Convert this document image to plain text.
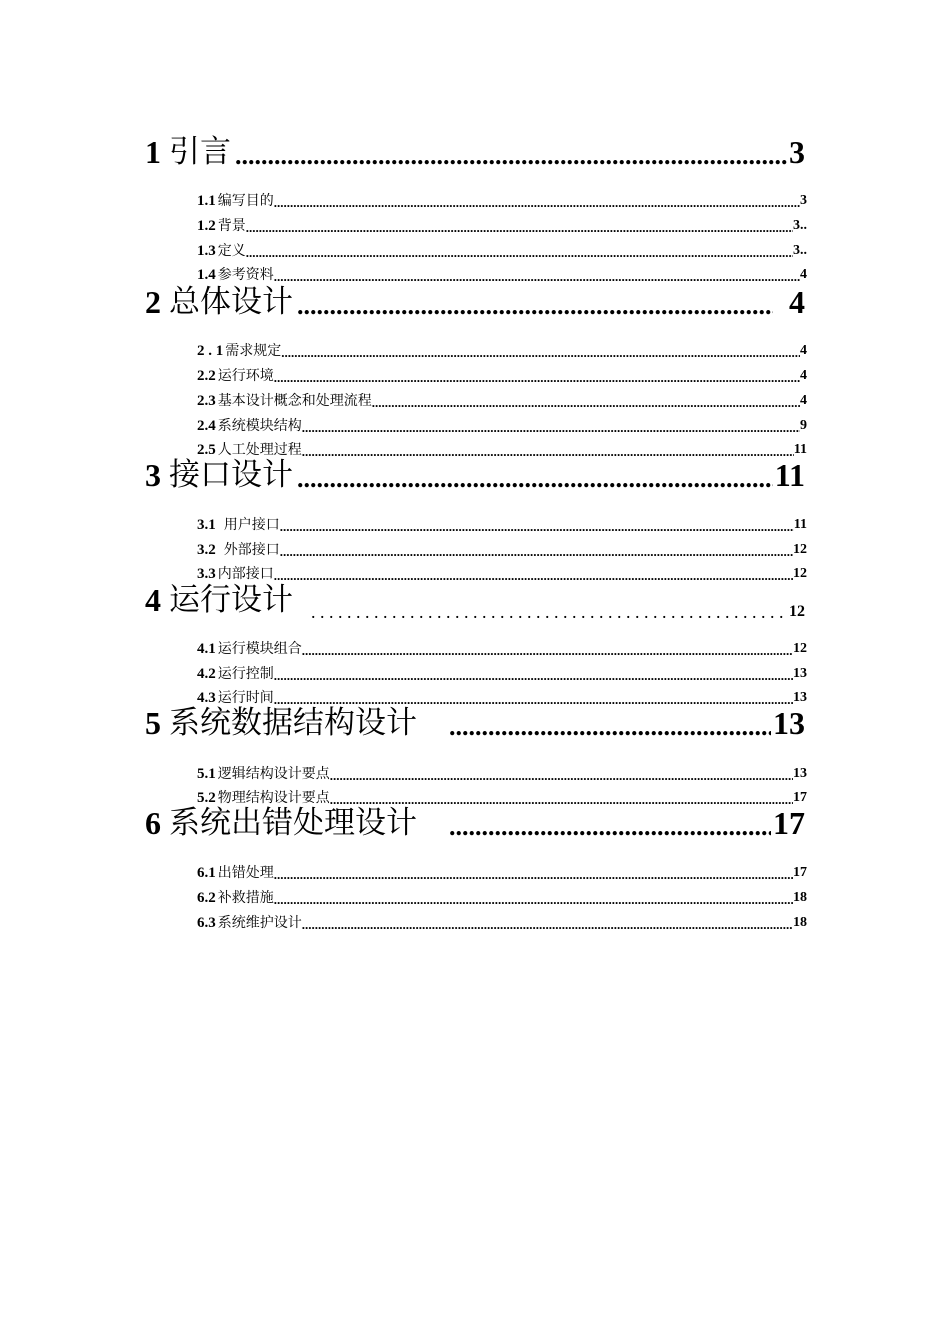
1 引言 .....	3
1.1 编写目的 .....	3
1.2 背景 .....	3..
1.3 定义 .....	3..
1.4 参考资料 .....	4
2 总体设计 .....	4
2 . 1 需求规定 .....	4
2.2 运行环境 .....	4
2.3 基本设计概念和处理流程 .....	4
2.4 系统模块结构 .....	9
2.5 人工处理过程 .....	11
3 接口设计 .....	11
3.1 用户接口 .....	11
3.2 外部接口 .....	12
3.3 内部接口 .....	12
4 运行设计 . . .	12
4.1 运行模块组合 .....	12
4.2 运行控制 .....	13
4.3 运行时间 .....	13
5 系统数据结构设计 .....	13
5.1 逻辑结构设计要点 .....	13
5.2 物理结构设计要点 .....	17
6 系统出错处理设计 .....	17
6.1 出错处理 .....	17
6.2 补救措施 .....	18
6.3 系统维护设计 .....	18
